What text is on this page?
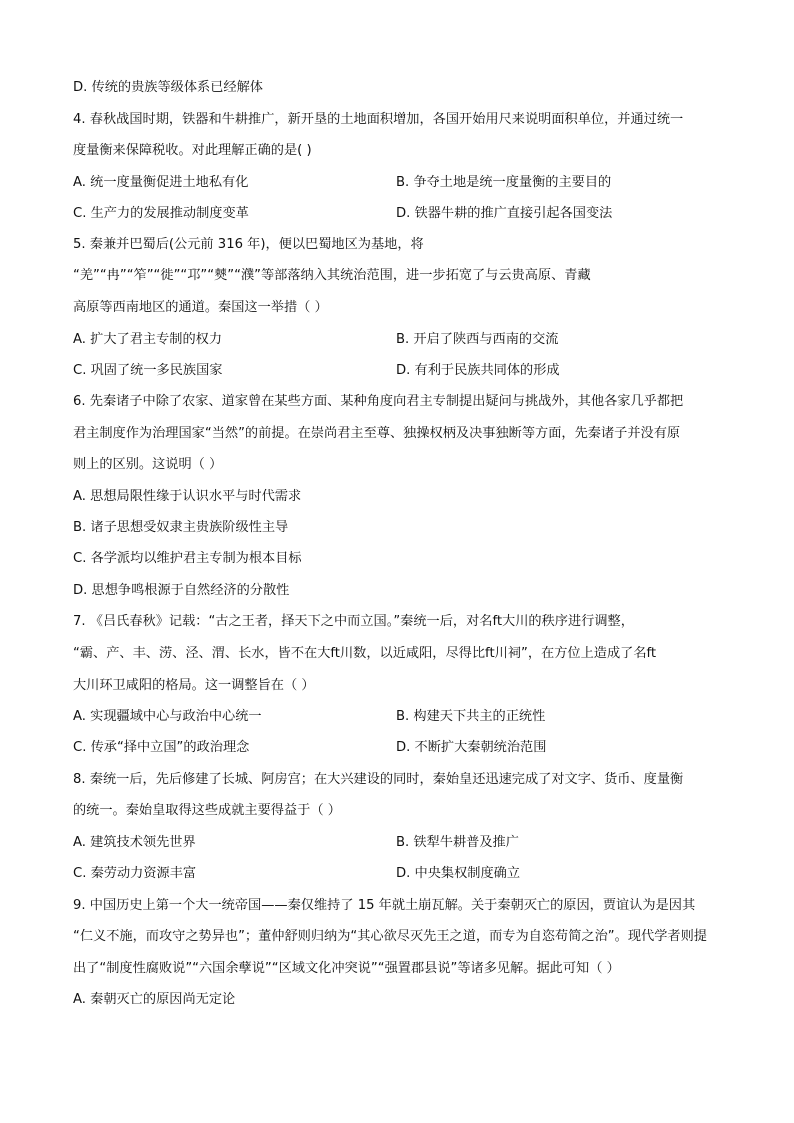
D. 传统的贵族等级体系已经解体
4. 春秋战国时期，铁器和牛耕推广，新开垦的土地面积增加，各国开始用尺来说明面积单位，并通过统一
度量衡来保障税收。对此理解正确的是( )
A. 统一度量衡促进土地私有化	B. 争夺土地是统一度量衡的主要目的
C. 生产力的发展推动制度变革	D. 铁器牛耕的推广直接引起各国变法
5. 秦兼并巴蜀后(公元前 316 年)，便以巴蜀地区为基地，将
“羌”“冉”“笮”“徙”“邛”“僰”“濮”等部落纳入其统治范围，进一步拓宽了与云贵高原、青藏
高原等西南地区的通道。秦国这一举措（ ）
A. 扩大了君主专制的权力	B. 开启了陕西与西南的交流
C. 巩固了统一多民族国家	D. 有利于民族共同体的形成
6. 先秦诸子中除了农家、道家曾在某些方面、某种角度向君主专制提出疑问与挑战外，其他各家几乎都把
君主制度作为治理国家“当然”的前提。在崇尚君主至尊、独操权柄及决事独断等方面，先秦诸子并没有原
则上的区别。这说明（ ）
A. 思想局限性缘于认识水平与时代需求
B. 诸子思想受奴隶主贵族阶级性主导
C. 各学派均以维护君主专制为根本目标
D. 思想争鸣根源于自然经济的分散性
7. 《吕氏春秋》记载：“古之王者，择天下之中而立国。”秦统一后，对名ft大川的秩序进行调整，
“霸、产、丰、涝、泾、渭、长水，皆不在大ft川数，以近咸阳，尽得比ft川祠”，在方位上造成了名ft
大川环卫咸阳的格局。这一调整旨在（ ）
A. 实现疆域中心与政治中心统一	B. 构建天下共主的正统性
C. 传承“择中立国”的政治理念	D. 不断扩大秦朝统治范围
8. 秦统一后，先后修建了长城、阿房宫；在大兴建设的同时，秦始皇还迅速完成了对文字、货币、度量衡
的统一。秦始皇取得这些成就主要得益于（ ）
A. 建筑技术领先世界	B. 铁犁牛耕普及推广
C. 秦劳动力资源丰富	D. 中央集权制度确立
9. 中国历史上第一个大一统帝国——秦仅维持了 15 年就土崩瓦解。关于秦朝灭亡的原因，贾谊认为是因其
“仁义不施，而攻守之势异也”；董仲舒则归纳为“其心欲尽灭先王之道，而专为自恣苟简之治”。现代学者则提
出了“制度性腐败说”“六国余孽说”“区域文化冲突说”“强置郡县说”等诸多见解。据此可知（ ）
A. 秦朝灭亡的原因尚无定论
